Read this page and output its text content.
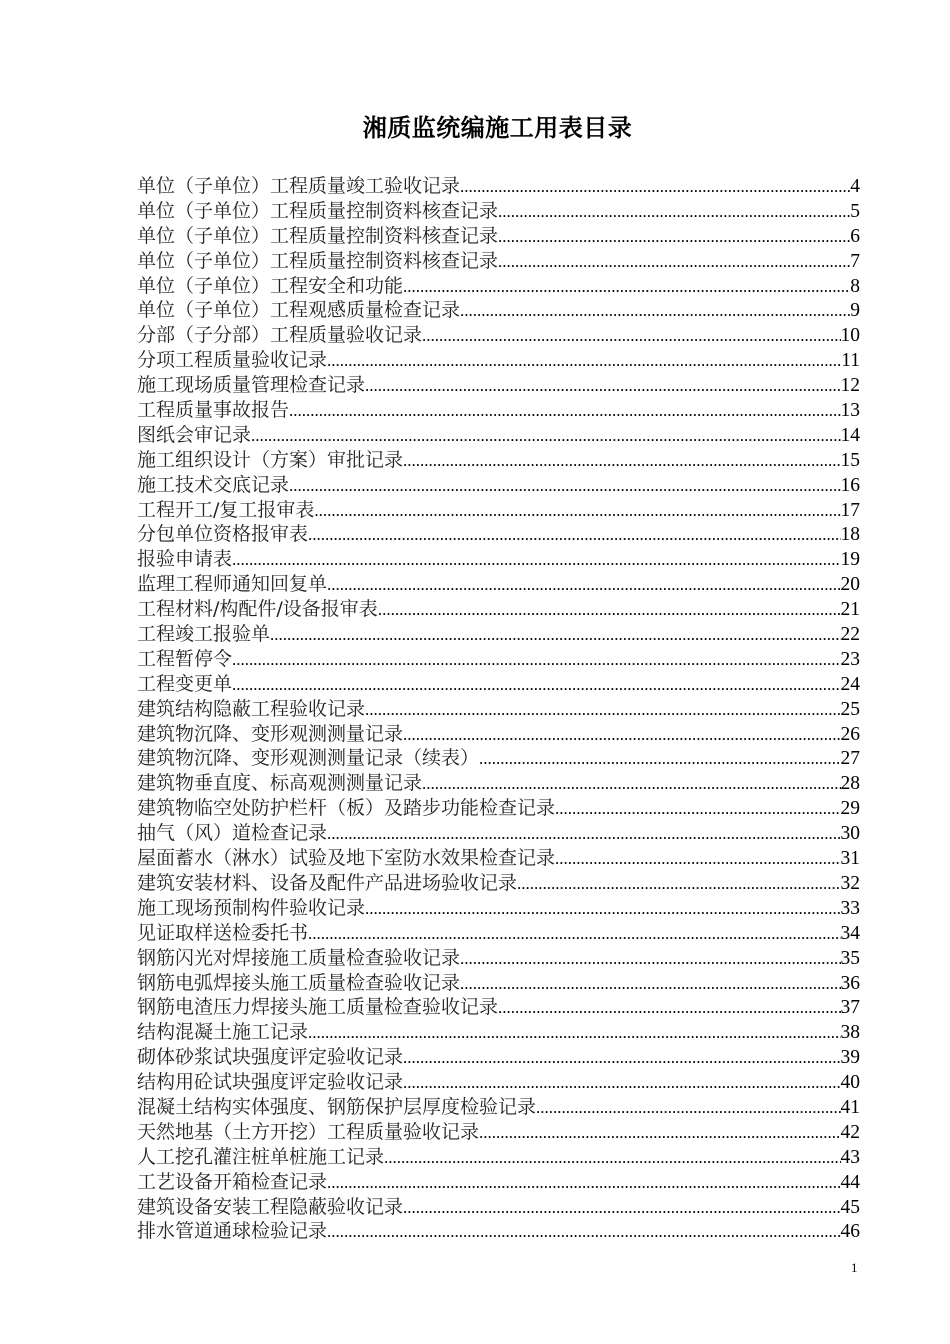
湘质监统编施工用表目录
单位（子单位）工程质量竣工验收记录 .....	4
单位（子单位）工程质量控制资料核查记录 .....	5
单位（子单位）工程质量控制资料核查记录 .....	6
单位（子单位）工程质量控制资料核查记录 .....	7
单位（子单位）工程安全和功能 .....	8
单位（子单位）工程观感质量检查记录 .....	9
分部（子分部）工程质量验收记录 .....	10
分项工程质量验收记录 .....	11
施工现场质量管理检查记录 .....	12
工程质量事故报告 .....	13
图纸会审记录 .....	14
施工组织设计（方案）审批记录 .....	15
施工技术交底记录 .....	16
工程开工/复工报审表 .....	17
分包单位资格报审表 .....	18
报验申请表 .....	19
监理工程师通知回复单 .....	20
工程材料/构配件/设备报审表 .....	21
工程竣工报验单 .....	22
工程暂停令 .....	23
工程变更单 .....	24
建筑结构隐蔽工程验收记录 .....	25
建筑物沉降、变形观测测量记录 .....	26
建筑物沉降、变形观测测量记录（续表） .....	27
建筑物垂直度、标高观测测量记录 .....	28
建筑物临空处防护栏杆（板）及踏步功能检查记录 .....	29
抽气（风）道检查记录 .....	30
屋面蓄水（淋水）试验及地下室防水效果检查记录 .....	31
建筑安装材料、设备及配件产品进场验收记录 .....	32
施工现场预制构件验收记录 .....	33
见证取样送检委托书 .....	34
钢筋闪光对焊接施工质量检查验收记录 .....	35
钢筋电弧焊接头施工质量检查验收记录 .....	36
钢筋电渣压力焊接头施工质量检查验收记录 .....	37
结构混凝土施工记录 .....	38
砌体砂浆试块强度评定验收记录 .....	39
结构用砼试块强度评定验收记录 .....	40
混凝土结构实体强度、钢筋保护层厚度检验记录 .....	41
天然地基（土方开挖）工程质量验收记录 .....	42
人工挖孔灌注桩单桩施工记录 .....	43
工艺设备开箱检查记录 .....	44
建筑设备安装工程隐蔽验收记录 .....	45
排水管道通球检验记录 .....	46
1
